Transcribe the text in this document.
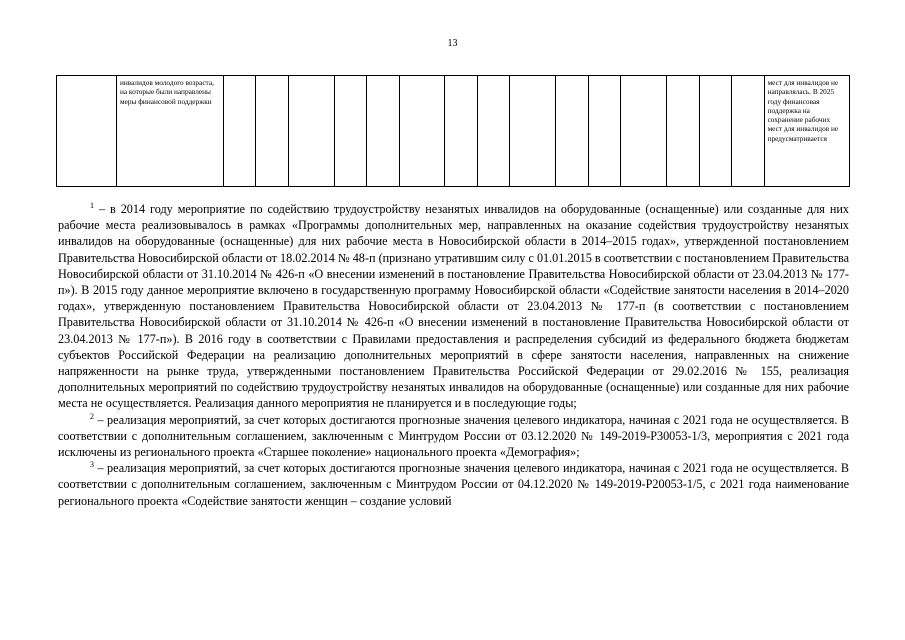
13
	инвалидов молодого возраста, на которые были направлены меры финансовой поддержки																мест для инвалидов не направлялась. В 2025 году финансовая поддержка на сохранение рабочих мест для инвалидов не предусматривается

$^1$ – в 2014 году мероприятие по содействию трудоустройству незанятых инвалидов на оборудованные (оснащенные) или созданные для них рабочие места реализовывалось в рамках «Программы дополнительных мер, направленных на оказание содействия трудоустройству незанятых инвалидов на оборудованные (оснащенные) для них рабочие места в Новосибирской области в 2014–2015 годах», утвержденной постановлением Правительства Новосибирской области от 18.02.2014 № 48-п (признано утратившим силу с 01.01.2015 в соответствии с постановлением Правительства Новосибирской области от 31.10.2014 № 426-п «О внесении изменений в постановление Правительства Новосибирской области от 23.04.2013 № 177-п»). В 2015 году данное мероприятие включено в государственную программу Новосибирской области «Содействие занятости населения в 2014–2020 годах», утвержденную постановлением Правительства Новосибирской области от 23.04.2013 № 177-п (в соответствии с постановлением Правительства Новосибирской области от 31.10.2014 № 426-п «О внесении изменений в постановление Правительства Новосибирской области от 23.04.2013 № 177-п»). В 2016 году в соответствии с Правилами предоставления и распределения субсидий из федерального бюджета бюджетам субъектов Российской Федерации на реализацию дополнительных мероприятий в сфере занятости населения, направленных на снижение напряженности на рынке труда, утвержденными постановлением Правительства Российской Федерации от 29.02.2016 № 155, реализация дополнительных мероприятий по содействию трудоустройству незанятых инвалидов на оборудованные (оснащенные) или созданные для них рабочие места не осуществляется. Реализация данного мероприятия не планируется и в последующие годы;

$^2$ – реализация мероприятий, за счет которых достигаются прогнозные значения целевого индикатора, начиная с 2021 года не осуществляется. В соответствии с дополнительным соглашением, заключенным с Минтрудом России от 03.12.2020 № 149-2019-Р30053-1/3, мероприятия с 2021 года исключены из регионального проекта «Старшее поколение» национального проекта «Демография»;

$^3$ – реализация мероприятий, за счет которых достигаются прогнозные значения целевого индикатора, начиная с 2021 года не осуществляется. В соответствии с дополнительным соглашением, заключенным с Минтрудом России от 04.12.2020 № 149-2019-Р20053-1/5, с 2021 года наименование регионального проекта «Содействие занятости женщин – создание условий
